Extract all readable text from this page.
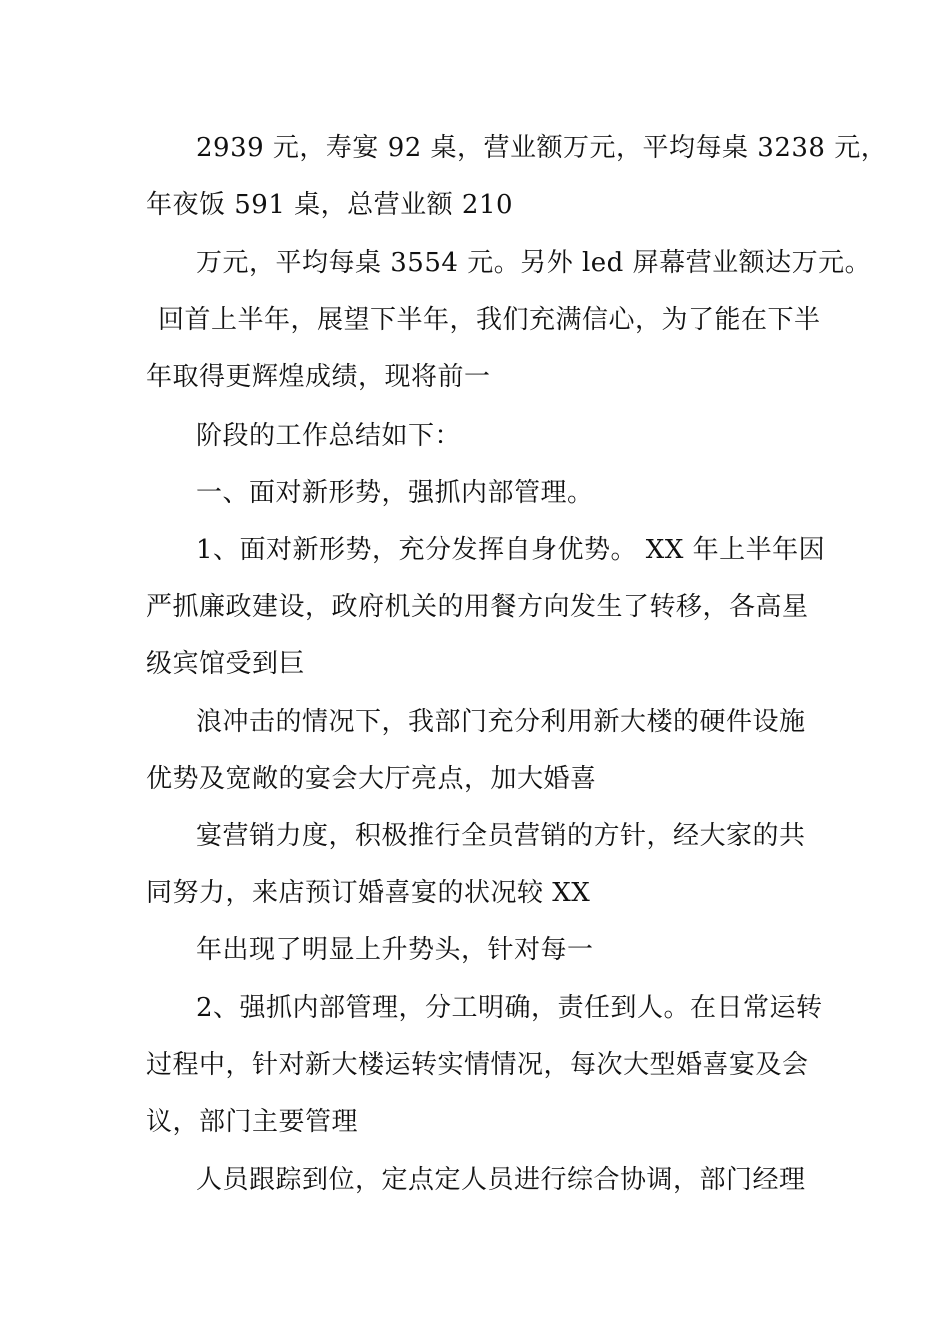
2939 元，寿宴 92 桌，营业额万元，平均每桌 3238 元，
年夜饭 591 桌，总营业额 210

万元，平均每桌 3554 元。另外 led 屏幕营业额达万元。
回首上半年，展望下半年，我们充满信心，为了能在下半
年取得更辉煌成绩，现将前一

阶段的工作总结如下：

一、面对新形势，强抓内部管理。

1、面对新形势，充分发挥自身优势。 XX 年上半年因
严抓廉政建设，政府机关的用餐方向发生了转移，各高星
级宾馆受到巨

浪冲击的情况下，我部门充分利用新大楼的硬件设施
优势及宽敞的宴会大厅亮点，加大婚喜

宴营销力度，积极推行全员营销的方针，经大家的共
同努力，来店预订婚喜宴的状况较 XX

年出现了明显上升势头，针对每一

2、强抓内部管理，分工明确，责任到人。在日常运转
过程中，针对新大楼运转实情情况，每次大型婚喜宴及会
议，部门主要管理

人员跟踪到位，定点定人员进行综合协调，部门经理
